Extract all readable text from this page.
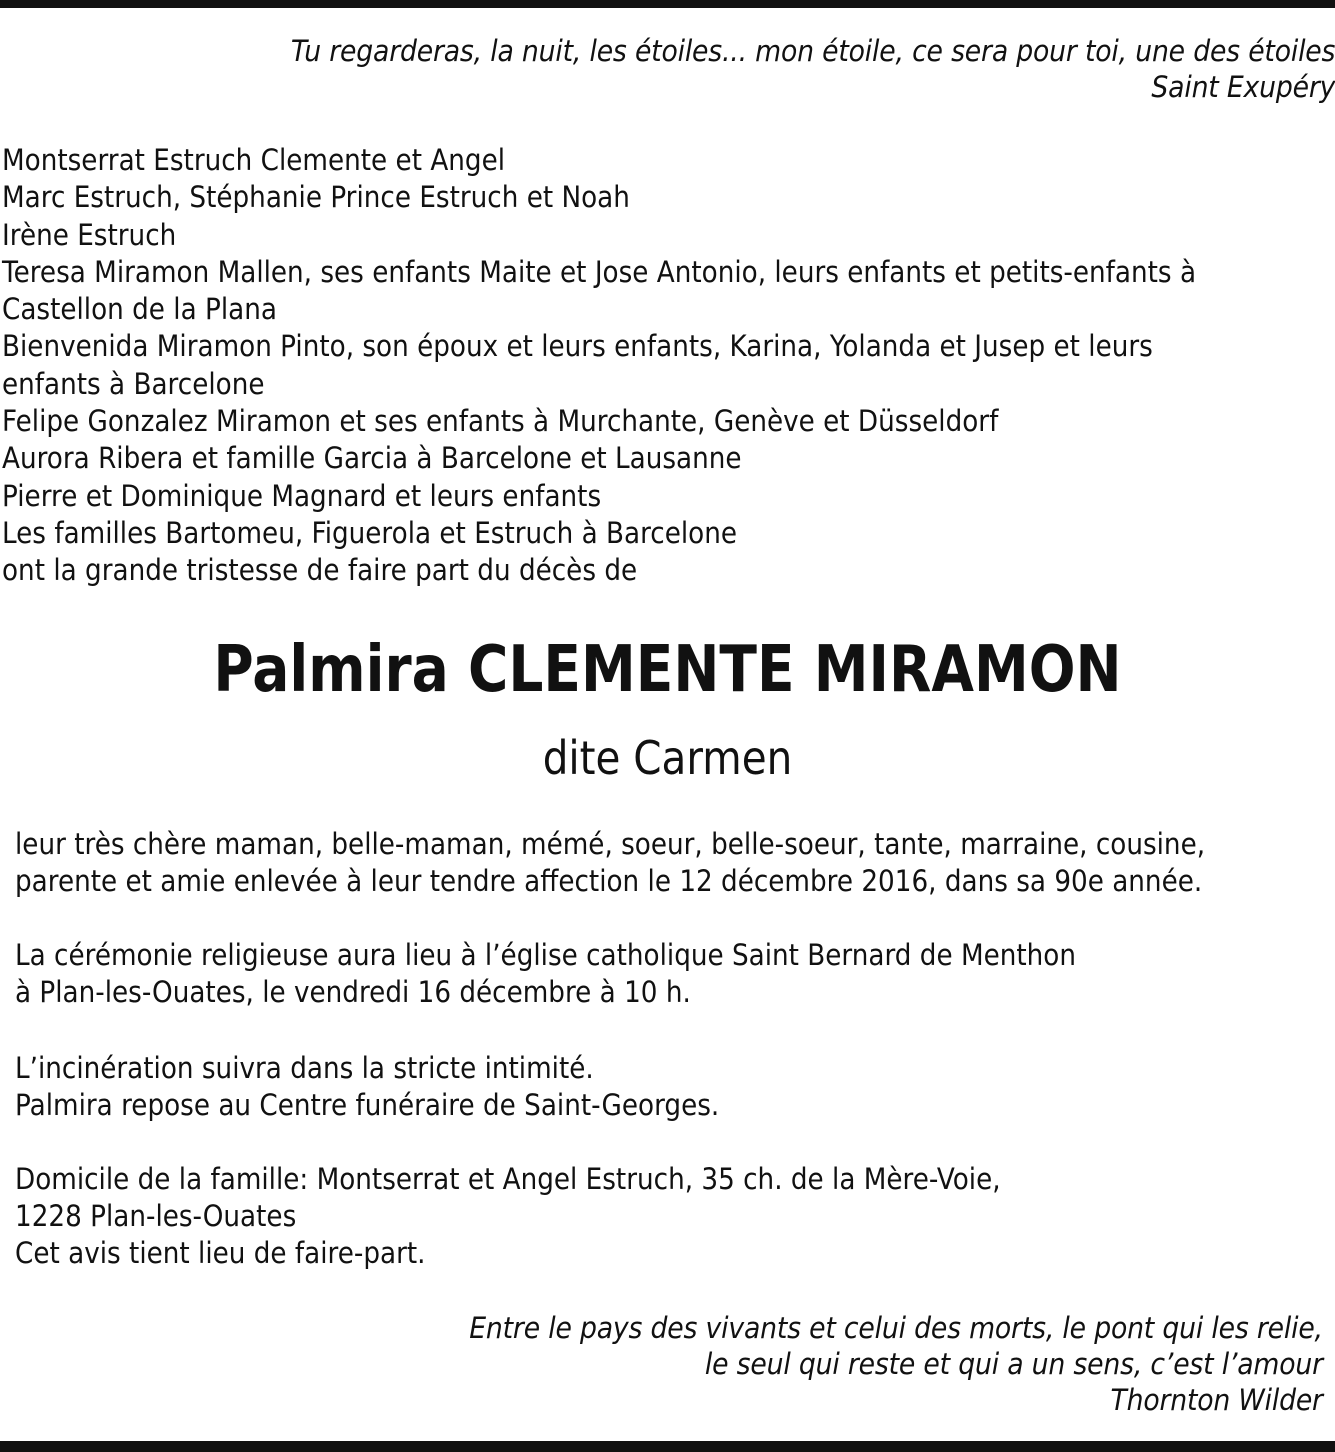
Tu regarderas, la nuit, les étoiles... mon étoile, ce sera pour toi, une des étoiles
Saint Exupéry
Montserrat Estruch Clemente et Angel
Marc Estruch, Stéphanie Prince Estruch et Noah
Irène Estruch
Teresa Miramon Mallen, ses enfants Maite et Jose Antonio, leurs enfants et petits-enfants à
Castellon de la Plana
Bienvenida Miramon Pinto, son époux et leurs enfants, Karina, Yolanda et Jusep et leurs
enfants à Barcelone
Felipe Gonzalez Miramon et ses enfants à Murchante, Genève et Düsseldorf
Aurora Ribera et famille Garcia à Barcelone et Lausanne
Pierre et Dominique Magnard et leurs enfants
Les familles Bartomeu, Figuerola et Estruch à Barcelone
ont la grande tristesse de faire part du décès de
Palmira CLEMENTE MIRAMON
dite Carmen
leur très chère maman, belle-maman, mémé, soeur, belle-soeur, tante, marraine, cousine,
parente et amie enlevée à leur tendre affection le 12 décembre 2016, dans sa 90e année.
La cérémonie religieuse aura lieu à l’église catholique Saint Bernard de Menthon
à Plan-les-Ouates, le vendredi 16 décembre à 10 h.
L’incinération suivra dans la stricte intimité.
Palmira repose au Centre funéraire de Saint-Georges.
Domicile de la famille: Montserrat et Angel Estruch, 35 ch. de la Mère-Voie,
1228 Plan-les-Ouates
Cet avis tient lieu de faire-part.
Entre le pays des vivants et celui des morts, le pont qui les relie,
le seul qui reste et qui a un sens, c’est l’amour
Thornton Wilder
